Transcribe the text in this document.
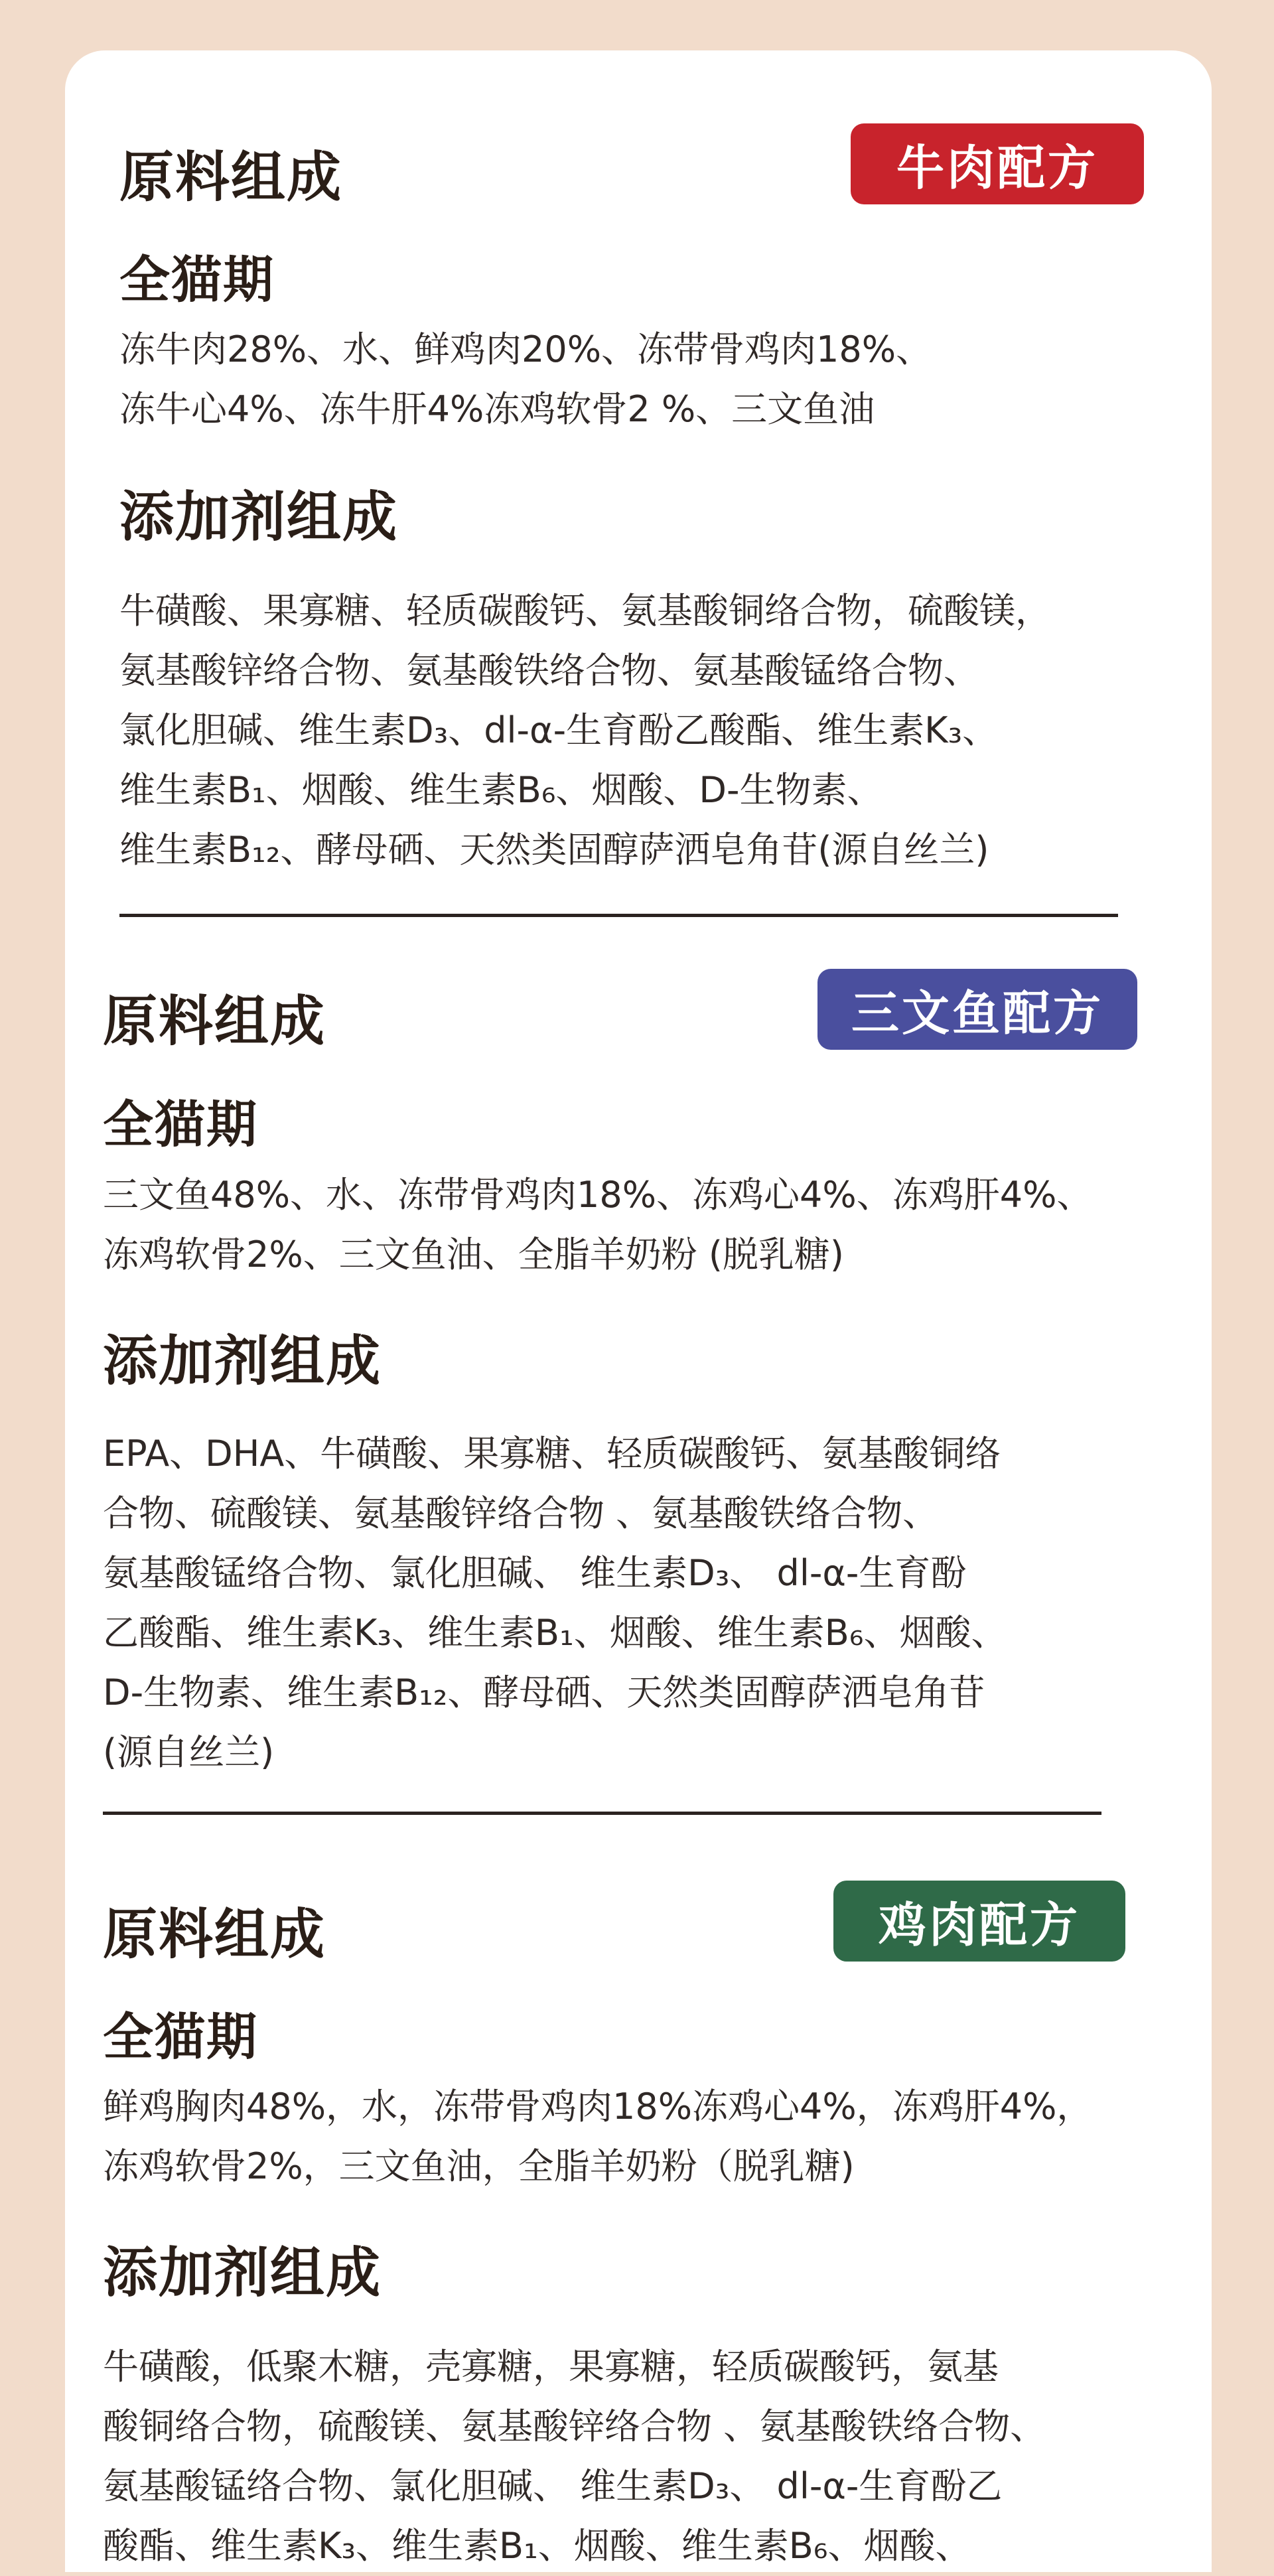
原料组成	牛肉配方
全猫期
冻牛肉28%、水、鲜鸡肉20%、冻带骨鸡肉18%、
冻牛心4%、冻牛肝4%冻鸡软骨2 %、三文鱼油
添加剂组成
牛磺酸、果寡糖、轻质碳酸钙、氨基酸铜络合物，硫酸镁，
氨基酸锌络合物、氨基酸铁络合物、氨基酸锰络合物、
氯化胆碱、维生素D₃、dl-α-生育酚乙酸酯、维生素K₃、
维生素B₁、烟酸、维生素B₆、烟酸、D-生物素、
维生素B₁₂、酵母硒、天然类固醇萨洒皂角苷(源自丝兰)
原料组成	三文鱼配方
全猫期
三文鱼48%、水、冻带骨鸡肉18%、冻鸡心4%、冻鸡肝4%、
冻鸡软骨2%、三文鱼油、全脂羊奶粉 (脱乳糖)
添加剂组成
EPA、DHA、牛磺酸、果寡糖、轻质碳酸钙、氨基酸铜络
合物、硫酸镁、氨基酸锌络合物 、氨基酸铁络合物、
氨基酸锰络合物、氯化胆碱、 维生素D₃、 dl-α-生育酚
乙酸酯、维生素K₃、维生素B₁、烟酸、维生素B₆、烟酸、
D-生物素、维生素B₁₂、酵母硒、天然类固醇萨洒皂角苷
(源自丝兰)
原料组成	鸡肉配方
全猫期
鲜鸡胸肉48%，水，冻带骨鸡肉18%冻鸡心4%，冻鸡肝4%，
冻鸡软骨2%，三文鱼油，全脂羊奶粉（脱乳糖)
添加剂组成
牛磺酸，低聚木糖，壳寡糖，果寡糖，轻质碳酸钙，氨基
酸铜络合物，硫酸镁、氨基酸锌络合物 、氨基酸铁络合物、
氨基酸锰络合物、氯化胆碱、 维生素D₃、 dl-α-生育酚乙
酸酯、维生素K₃、维生素B₁、烟酸、维生素B₆、烟酸、
